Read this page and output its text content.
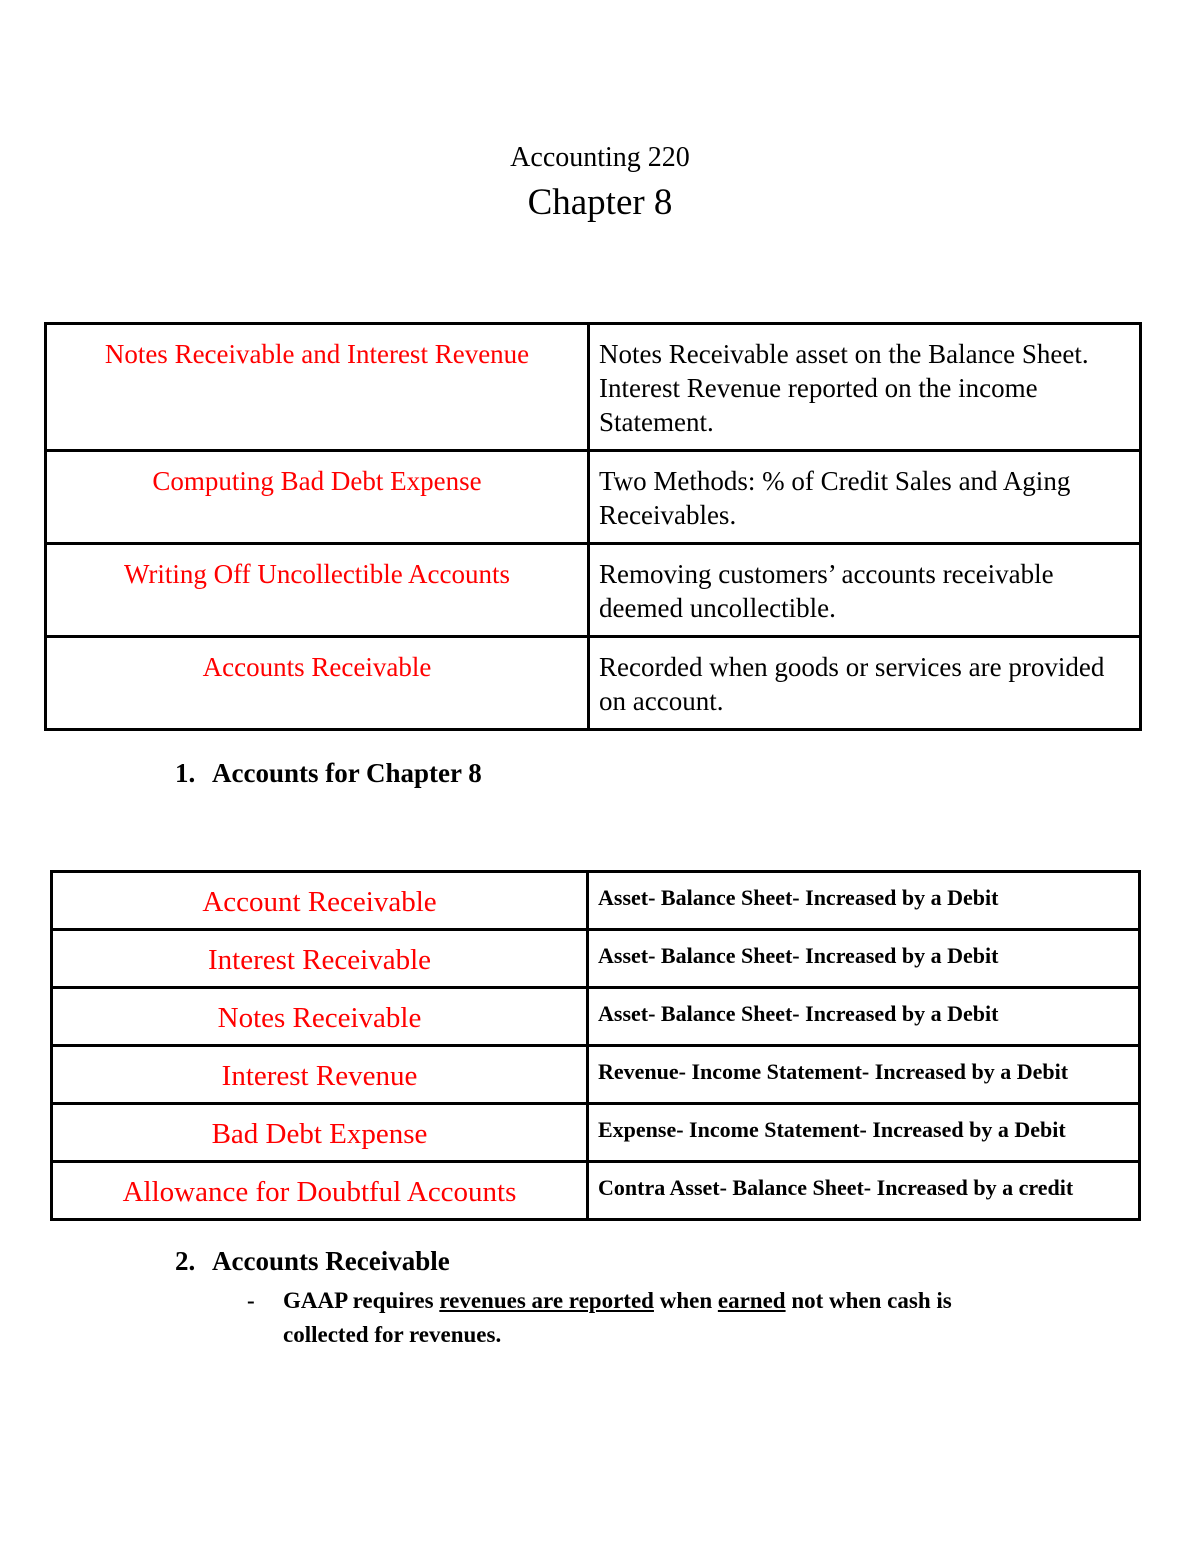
Accounting 220
Chapter 8
Notes Receivable and Interest Revenue	Notes Receivable asset on the Balance Sheet. Interest Revenue reported on the income Statement.
Computing Bad Debt Expense	Two Methods: % of Credit Sales and Aging Receivables.
Writing Off Uncollectible Accounts	Removing customers’ accounts receivable deemed uncollectible.
Accounts Receivable	Recorded when goods or services are provided on account.
1. Accounts for Chapter 8
Account Receivable	Asset- Balance Sheet- Increased by a Debit
Interest Receivable	Asset- Balance Sheet- Increased by a Debit
Notes Receivable	Asset- Balance Sheet- Increased by a Debit
Interest Revenue	Revenue- Income Statement- Increased by a Debit
Bad Debt Expense	Expense- Income Statement- Increased by a Debit
Allowance for Doubtful Accounts	Contra Asset- Balance Sheet- Increased by a credit
2. Accounts Receivable
- GAAP requires revenues are reported when earned not when cash is collected for revenues.
